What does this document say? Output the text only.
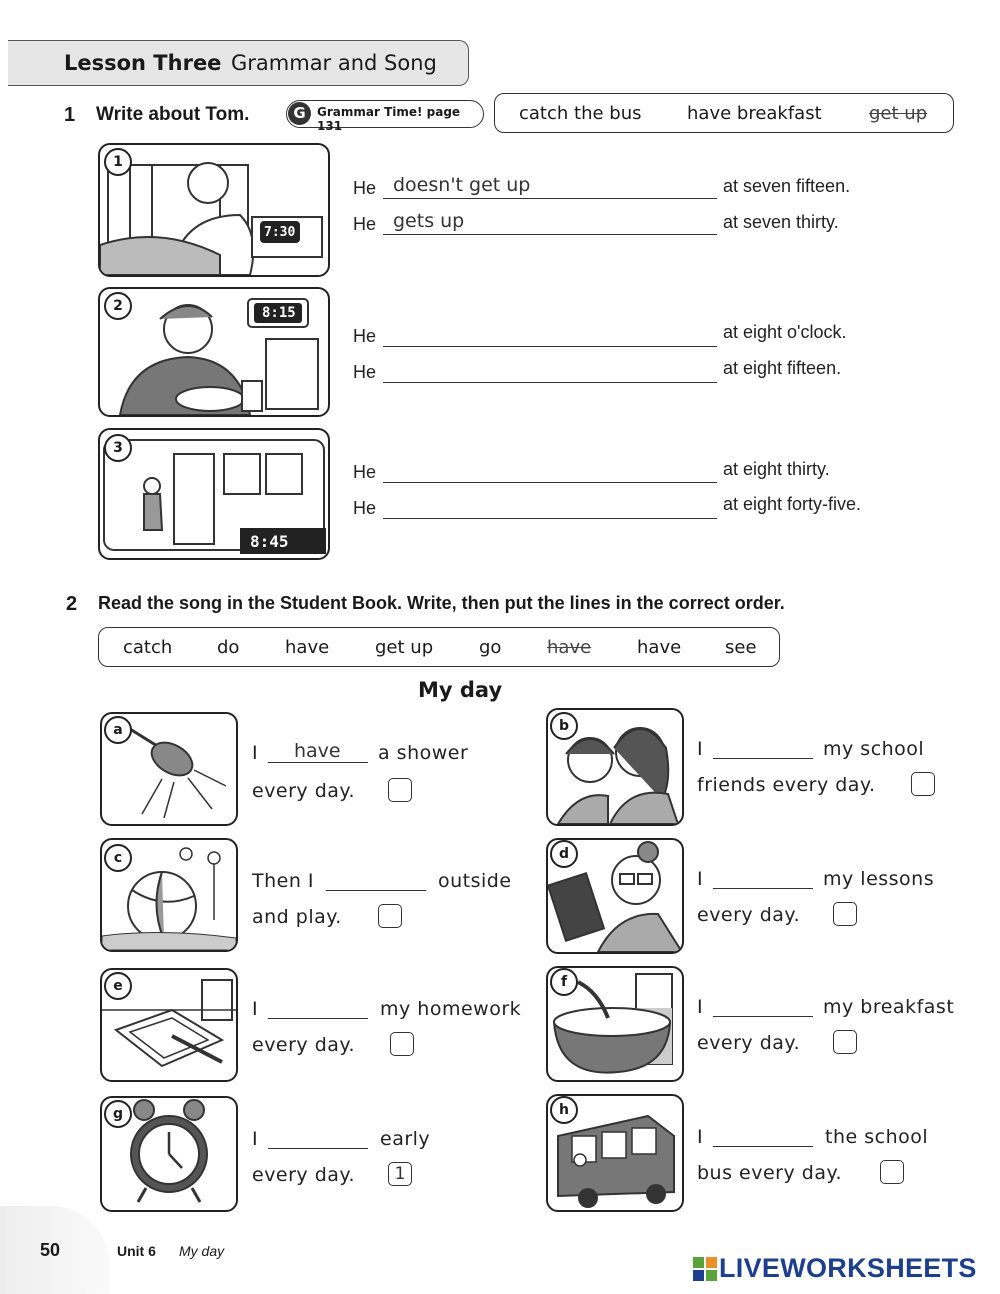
Lesson Three Grammar and Song
1 Write about Tom.	G Grammar Time! page 131
catch the bus	have breakfast	get up
7:30
1
He doesn't get up	at seven fifteen.
He gets up	at seven thirty.
8:15
2
He	at eight o'clock.
He	at eight fifteen.
8:45
3
He	at eight thirty.
He	at eight forty-five.
2 Read the song in the Student Book. Write, then put the lines in the correct order.
catch do	have	get up	go	have	have see
My day
a
I have a shower
every day.
b
I	my school
friends every day.
c
Then I	outside
and play.
d
I	my lessons
every day.
e
I	my homework
every day.
f
I	my breakfast
every day.
g
I	early
every day.	1
h
I	the school
bus every day.
50	Unit 6 My day
LIVEWORKSHEETS
